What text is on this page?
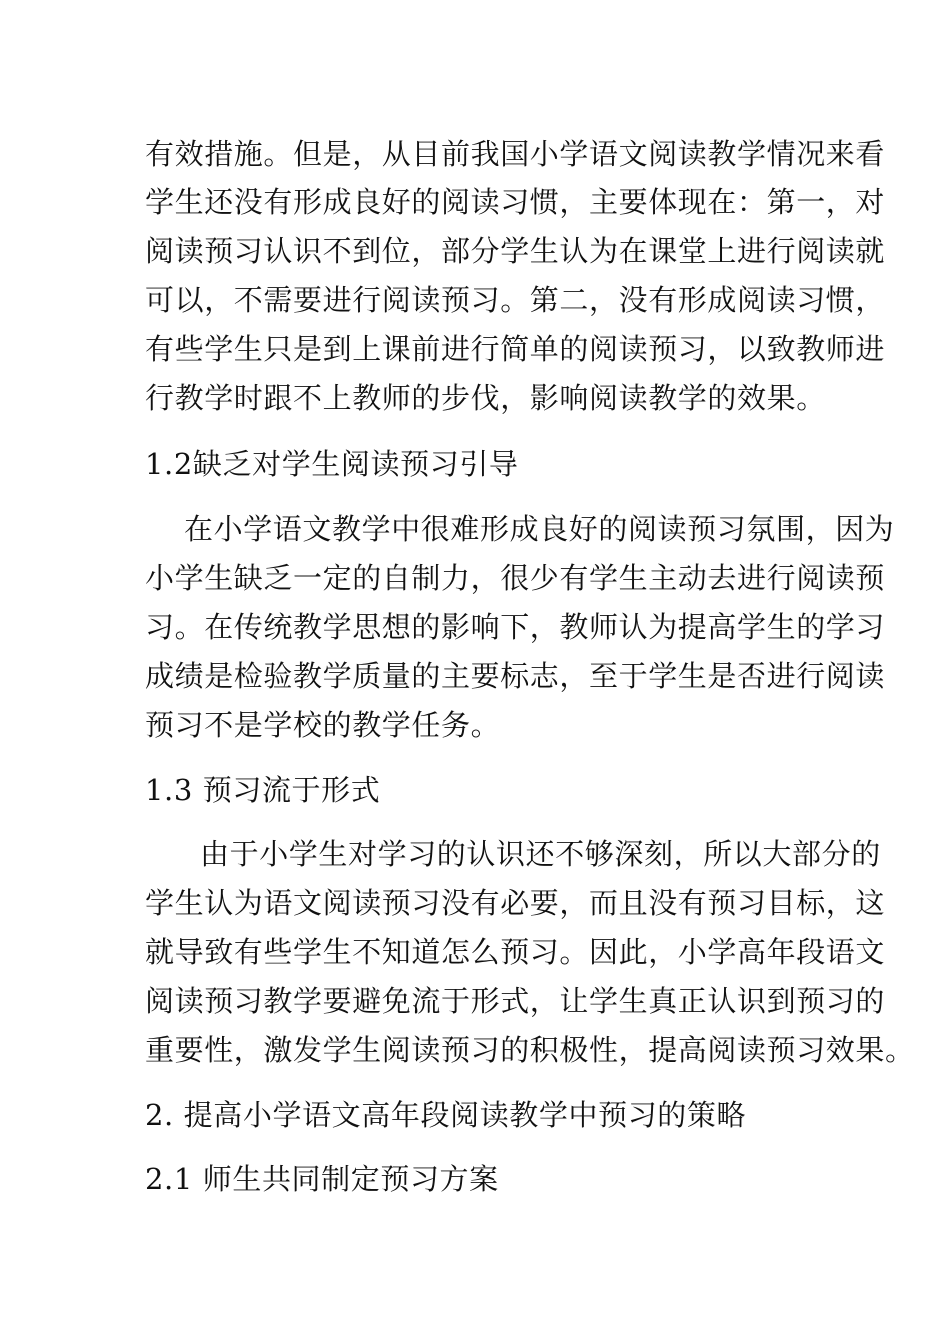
有效措施。但是，从目前我国小学语文阅读教学情况来看
学生还没有形成良好的阅读习惯，主要体现在：第一，对
阅读预习认识不到位，部分学生认为在课堂上进行阅读就
可以，不需要进行阅读预习。第二，没有形成阅读习惯，
有些学生只是到上课前进行简单的阅读预习，以致教师进
行教学时跟不上教师的步伐，影响阅读教学的效果。
1.2缺乏对学生阅读预习引导
在小学语文教学中很难形成良好的阅读预习氛围，因为
小学生缺乏一定的自制力，很少有学生主动去进行阅读预
习。在传统教学思想的影响下，教师认为提高学生的学习
成绩是检验教学质量的主要标志，至于学生是否进行阅读
预习不是学校的教学任务。
1.3 预习流于形式
由于小学生对学习的认识还不够深刻，所以大部分的
学生认为语文阅读预习没有必要，而且没有预习目标，这
就导致有些学生不知道怎么预习。因此，小学高年段语文
阅读预习教学要避免流于形式，让学生真正认识到预习的
重要性，激发学生阅读预习的积极性，提高阅读预习效果。
2. 提高小学语文高年段阅读教学中预习的策略
2.1 师生共同制定预习方案
